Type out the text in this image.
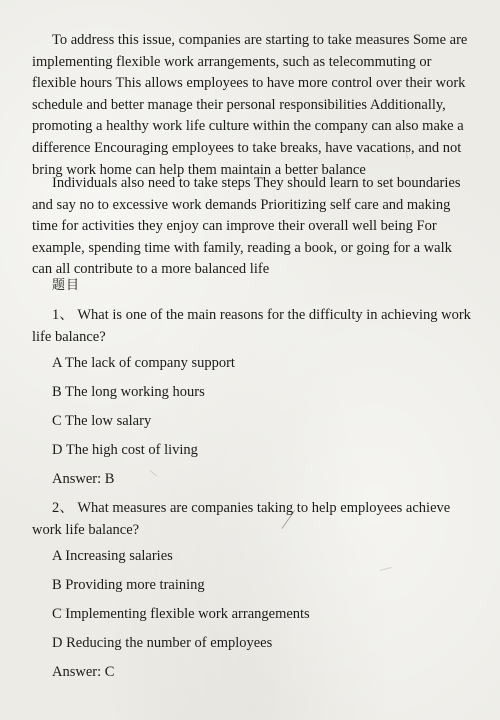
To address this issue, companies are starting to take measures Some are implementing flexible work arrangements, such as telecommuting or flexible hours This allows employees to have more control over their work schedule and better manage their personal responsibilities Additionally, promoting a healthy work life culture within the company can also make a difference Encouraging employees to take breaks, have vacations, and not bring work home can help them maintain a better balance

Individuals also need to take steps They should learn to set boundaries and say no to excessive work demands Prioritizing self care and making time for activities they enjoy can improve their overall well being For example, spending time with family, reading a book, or going for a walk can all contribute to a more balanced life

题目

1、 What is one of the main reasons for the difficulty in achieving work life balance?

A The lack of company support
B The long working hours
C The low salary
D The high cost of living
Answer: B

2、 What measures are companies taking to help employees achieve work life balance?

A Increasing salaries
B Providing more training
C Implementing flexible work arrangements
D Reducing the number of employees
Answer: C
